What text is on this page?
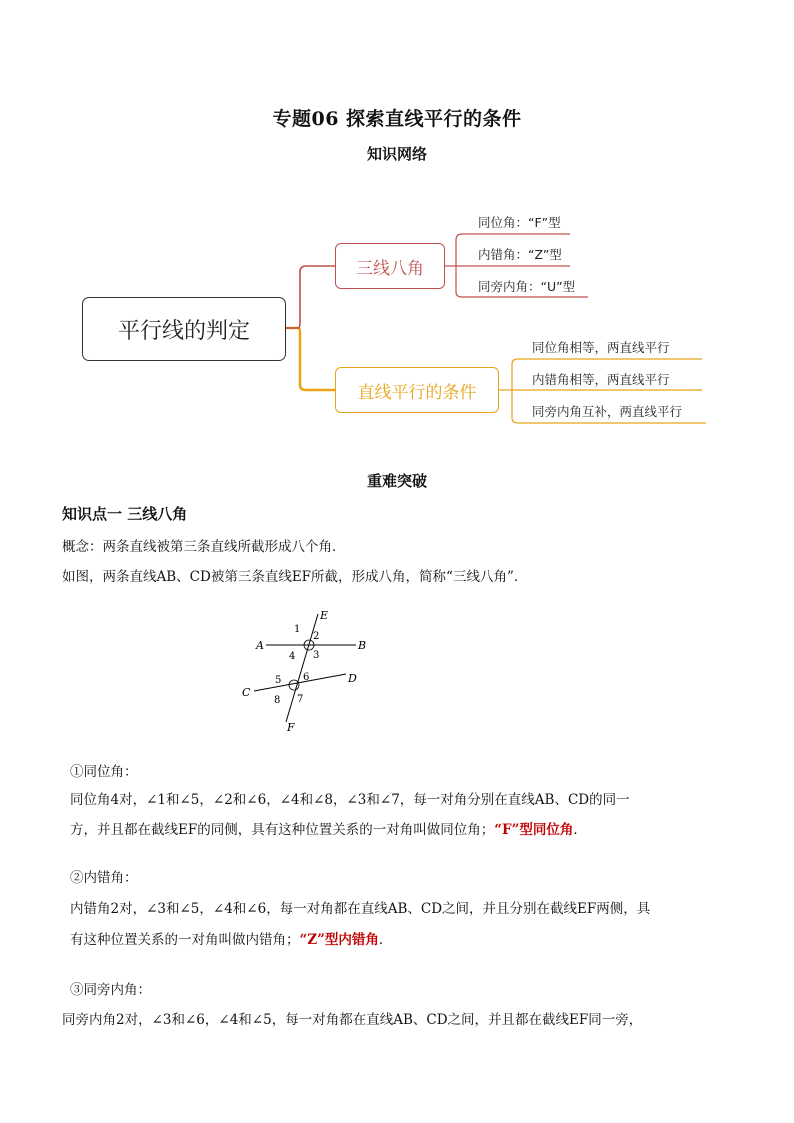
专题06 探索直线平行的条件
知识网络
平行线的判定
三线八角
直线平行的条件
同位角：“F”型
内错角：“Z”型
同旁内角：“U”型
同位角相等，两直线平行
内错角相等，两直线平行
同旁内角互补，两直线平行
重难突破
知识点一 三线八角
概念：两条直线被第三条直线所截形成八个角．
如图，两条直线AB、CD被第三条直线EF所截，形成八角，简称“三线八角”．
A	B
C
D
E
F
1
2
3
4
5 6
7
8
①同位角：
同位角4对，∠1和∠5，∠2和∠6，∠4和∠8，∠3和∠7，每一对角分别在直线AB、CD的同一
方，并且都在截线EF的同侧，具有这种位置关系的一对角叫做同位角；“F”型同位角．
②内错角：
内错角2对，∠3和∠5，∠4和∠6，每一对角都在直线AB、CD之间，并且分别在截线EF两侧，具
有这种位置关系的一对角叫做内错角；“Z”型内错角．
③同旁内角：
同旁内角2对，∠3和∠6，∠4和∠5，每一对角都在直线AB、CD之间，并且都在截线EF同一旁，
